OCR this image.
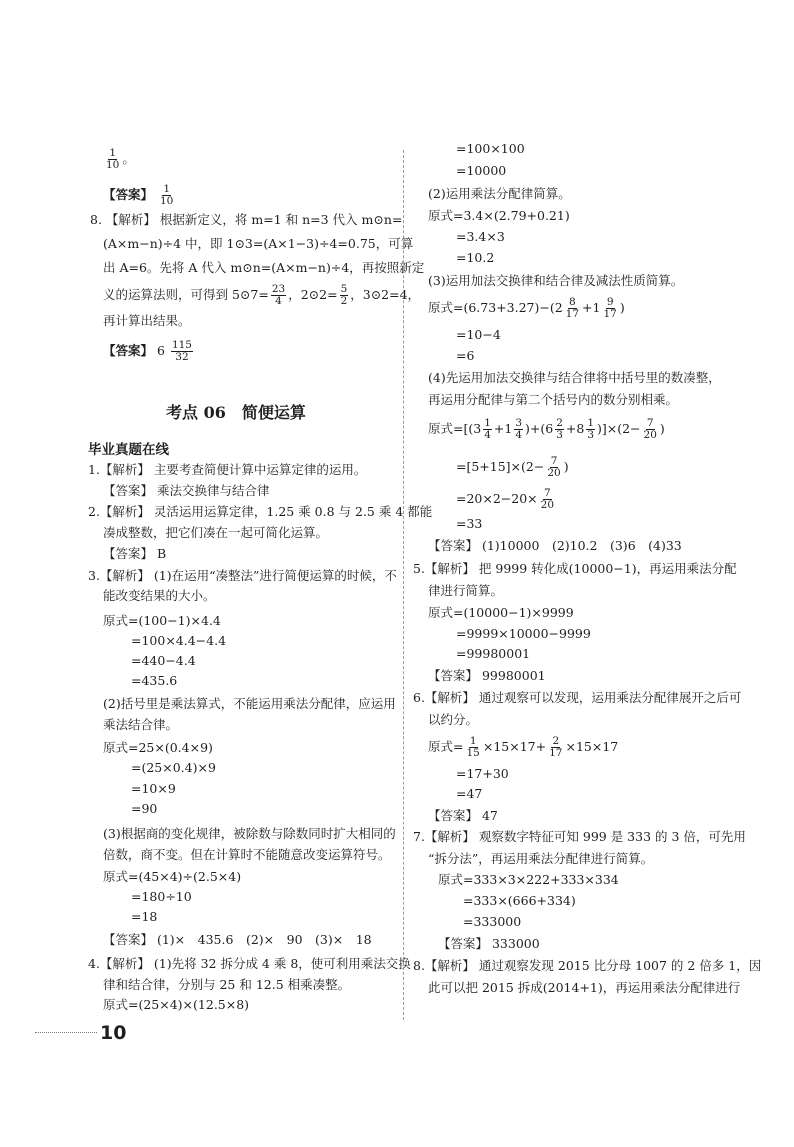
$\frac{1}{10}$ 。
【答案】 $\frac{1}{10}$
8. 【解析】 根据新定义，将 m=1 和 n=3 代入 m⊙n=
(A×m−n)÷4 中，即 1⊙3=(A×1−3)÷4=0.75，可算
出 A=6。先将 A 代入 m⊙n=(A×m−n)÷4，再按照新定
义的运算法则，可得到 5⊙7= $\frac{23}{4}$ ，2⊙2= $\frac{5}{2}$ ，3⊙2=4，
再计算出结果。
【答案】 $6 \frac{115}{32}$
考点 06　简便运算
毕业真题在线
1.【解析】 主要考查简便计算中运算定律的运用。
【答案】 乘法交换律与结合律
2.【解析】 灵活运用运算定律，1.25 乘 0.8 与 2.5 乘 4 都能
凑成整数，把它们凑在一起可简化运算。
【答案】 B
3.【解析】 (1)在运用“凑整法”进行简便运算的时候，不
能改变结果的大小。
原式=(100−1)×4.4
=100×4.4−4.4
=440−4.4
=435.6
(2)括号里是乘法算式，不能运用乘法分配律，应运用
乘法结合律。
原式=25×(0.4×9)
=(25×0.4)×9
=10×9
=90
(3)根据商的变化规律，被除数与除数同时扩大相同的
倍数，商不变。但在计算时不能随意改变运算符号。
原式=(45×4)÷(2.5×4)
=180÷10
=18
【答案】 (1)×　435.6　(2)×　90　(3)×　18
4.【解析】 (1)先将 32 拆分成 4 乘 8，使可利用乘法交换
律和结合律，分别与 25 和 12.5 相乘凑整。
原式=(25×4)×(12.5×8)
=100×100
=10000
(2)运用乘法分配律简算。
原式=3.4×(2.79+0.21)
=3.4×3
=10.2
(3)运用加法交换律和结合律及减法性质简算。
原式$=(6.73+3.27)-(2 \frac{8}{17} +1 \frac{9}{17}$ )
=10−4
=6
(4)先运用加法交换律与结合律将中括号里的数凑整，
再运用分配律与第二个括号内的数分别相乘。
原式$=[(3 \frac{1}{4} +1 \frac{3}{4} )+(6 \frac{2}{3} +8 \frac{1}{3} )]\times(2- \frac{7}{20}$ )
$=[5+15]\times(2- \frac{7}{20}$ )
$=20\times 2-20\times \frac{7}{20}$
=33
【答案】 (1)10000　(2)10.2　(3)6　(4)33
5.【解析】 把 9999 转化成(10000−1)，再运用乘法分配
律进行简算。
原式=(10000−1)×9999
=9999×10000−9999
=99980001
【答案】 99980001
6.【解析】 通过观察可以发现，运用乘法分配律展开之后可
以约分。
原式= $\frac{1}{15} \times 15\times 17+ \frac{2}{17} \times 15\times 17$
=17+30
=47
【答案】 47
7.【解析】 观察数字特征可知 999 是 333 的 3 倍，可先用
“拆分法”，再运用乘法分配律进行简算。
原式=333×3×222+333×334
=333×(666+334)
=333000
【答案】 333000
8.【解析】 通过观察发现 2015 比分母 1007 的 2 倍多 1，因
此可以把 2015 拆成(2014+1)，再运用乘法分配律进行
10
